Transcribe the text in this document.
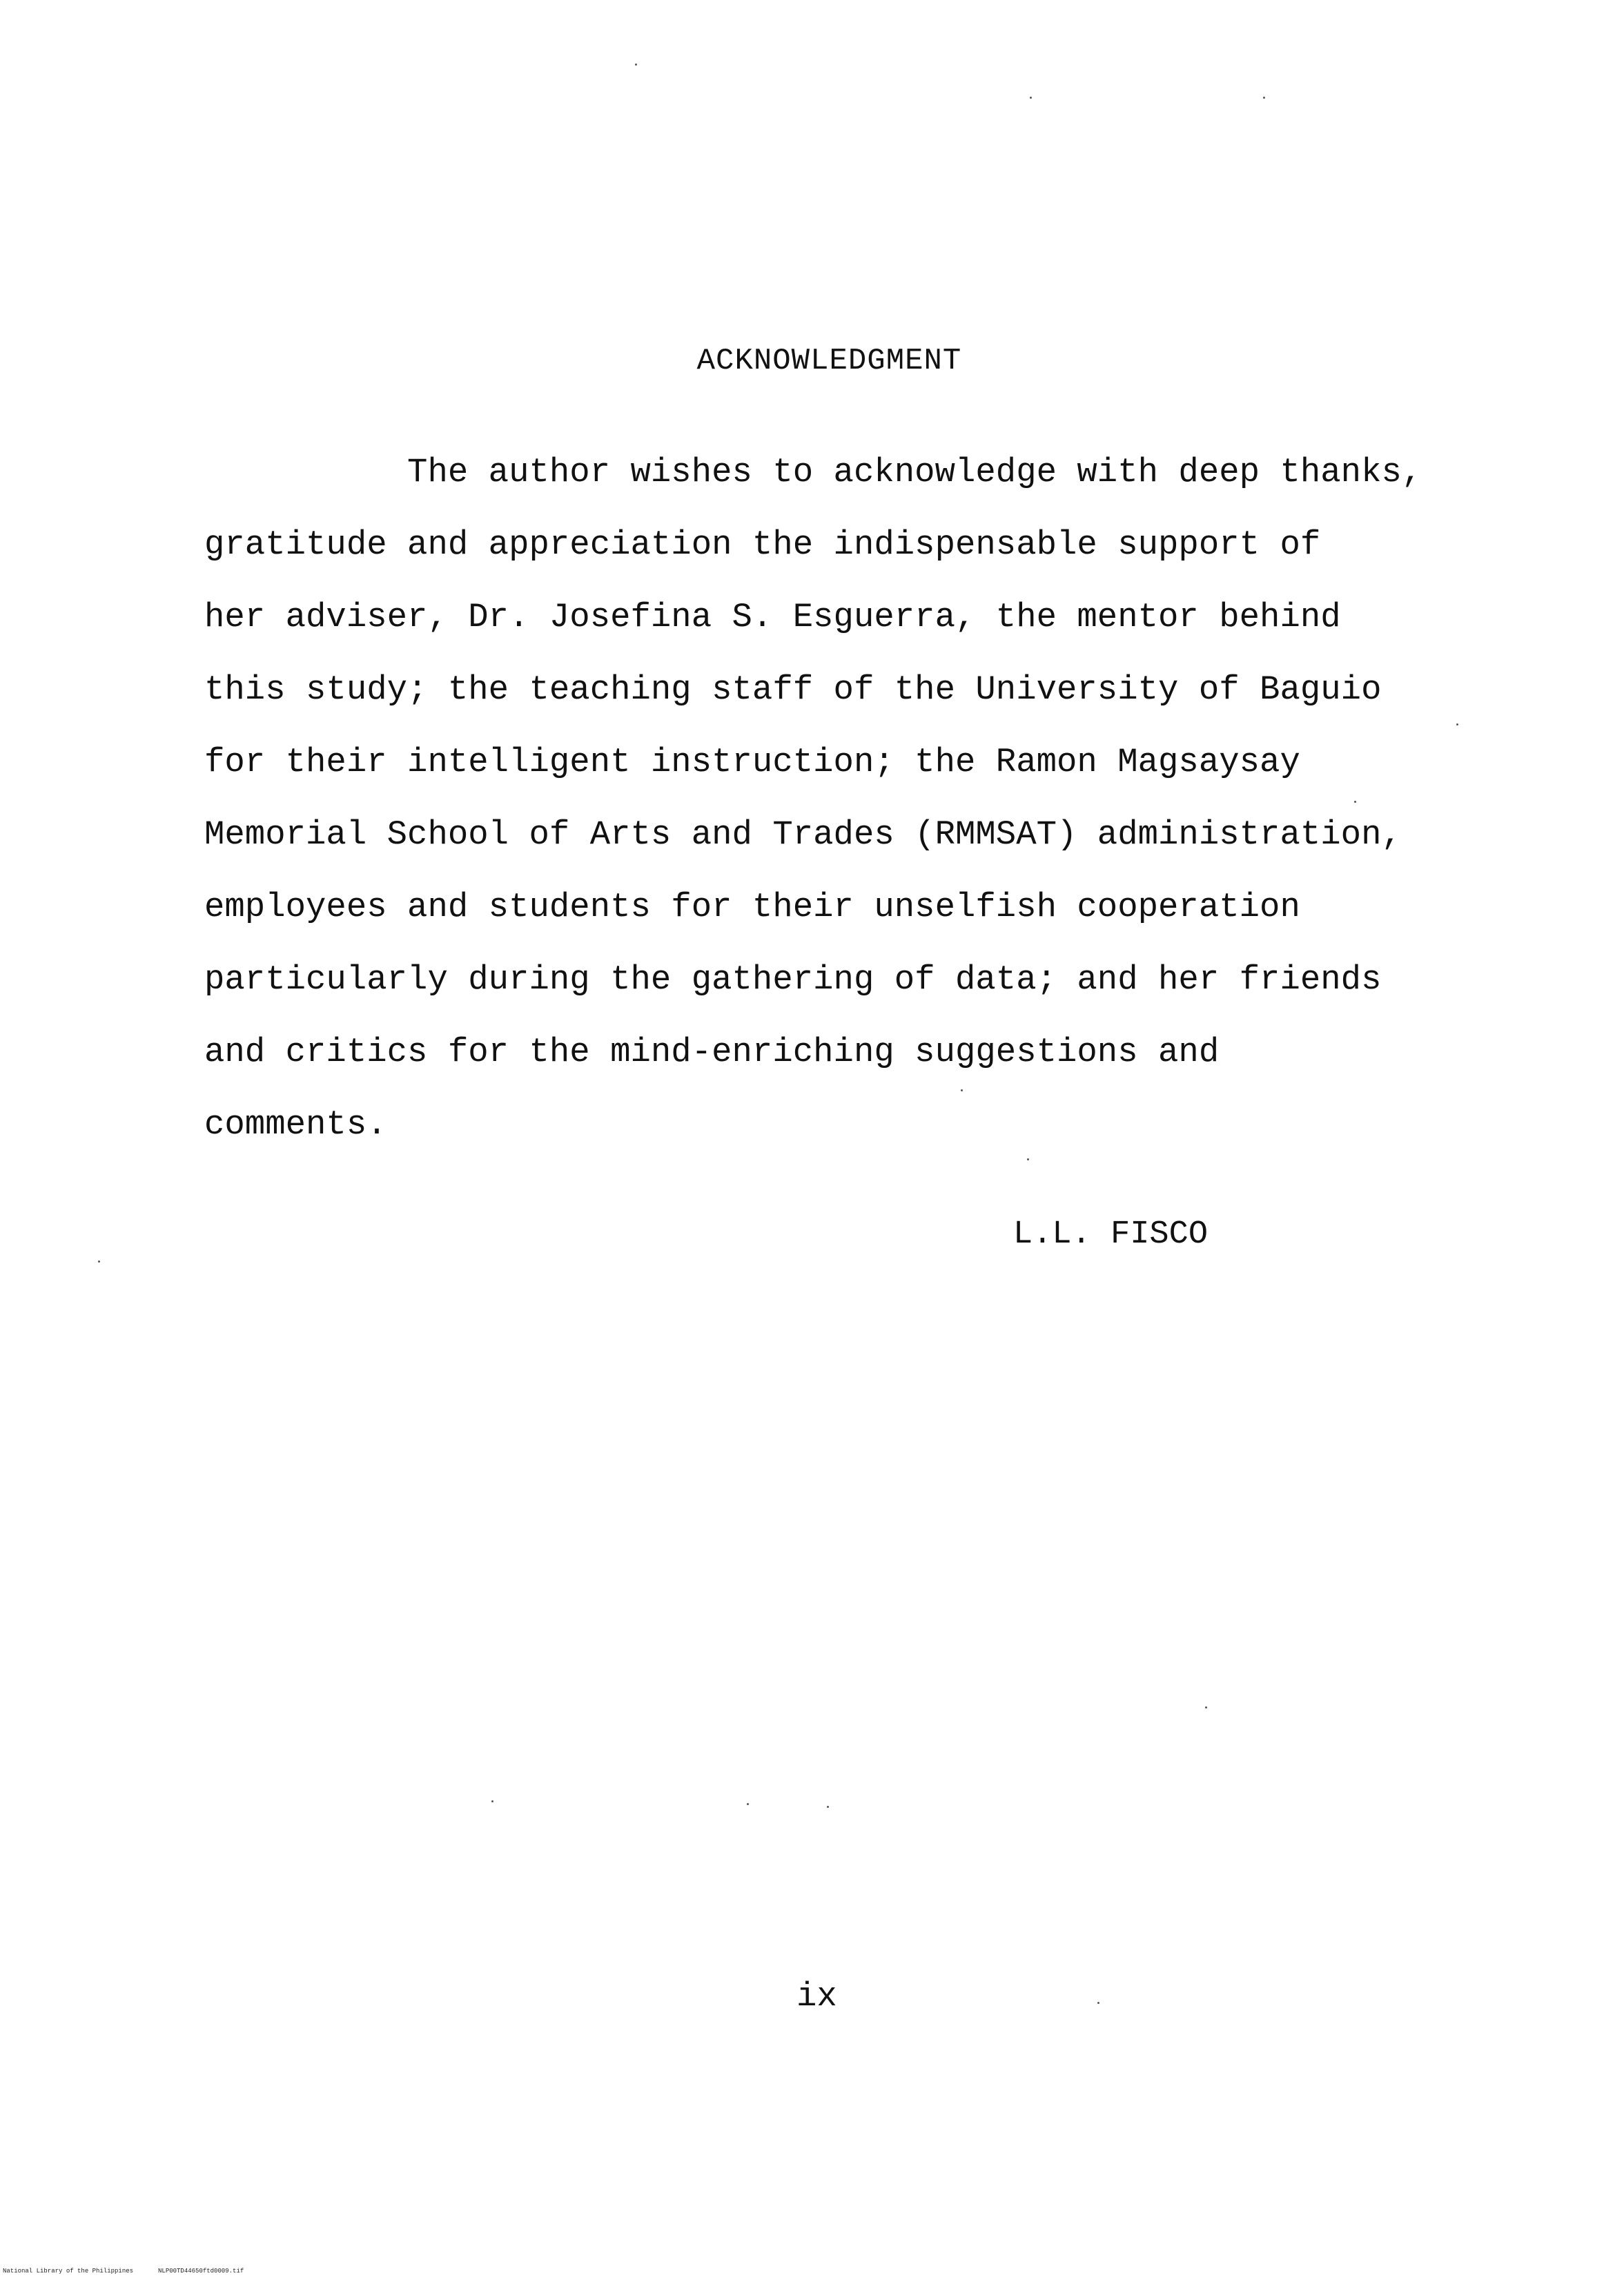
ACKNOWLEDGMENT
The author wishes to acknowledge with deep thanks,
gratitude and appreciation the indispensable support of
her adviser, Dr. Josefina S. Esguerra, the mentor behind
this study; the teaching staff of the University of Baguio
for their intelligent instruction; the Ramon Magsaysay
Memorial School of Arts and Trades (RMMSAT) administration,
employees and students for their unselfish cooperation
particularly during the gathering of data; and her friends
and critics for the mind-enriching suggestions and
comments.
L.L. FISCO
ix
National Library of the Philippines	NLP00TD44650ftd0009.tif
